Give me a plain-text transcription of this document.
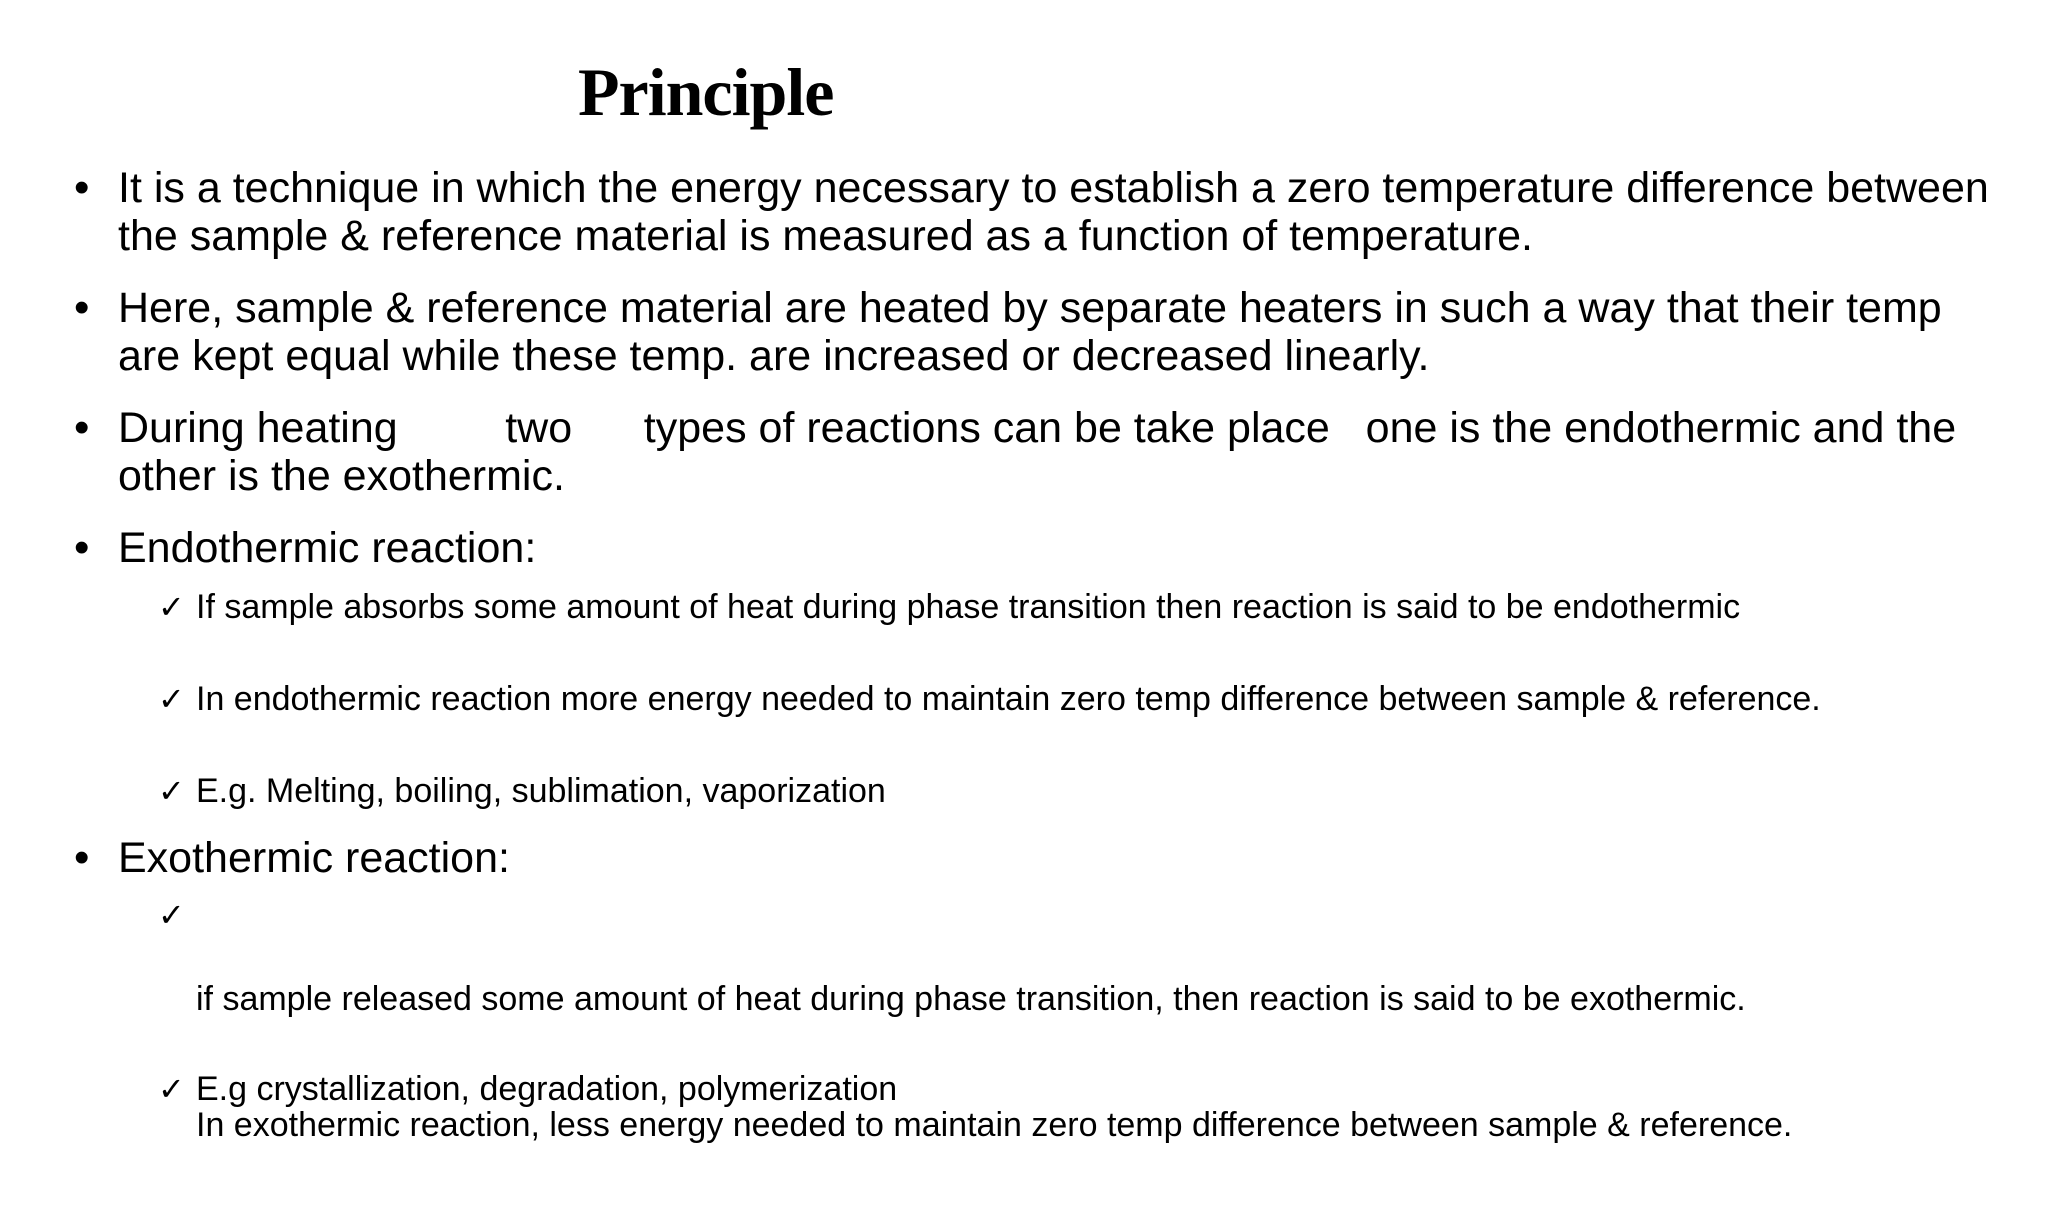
Principle
• It is a technique in which the energy necessary to establish a zero temperature difference between the sample & reference material is measured as a function of temperature.
• Here, sample & reference material are heated by separate heaters in such a way that their temp are kept equal while these temp. are increased or decreased linearly.
• During heating         two      types of reactions can be take place   one is the endothermic and the other is the exothermic.
• Endothermic reaction:
✓ If sample absorbs some amount of heat during phase transition then reaction is said to be endothermic
✓ In endothermic reaction more energy needed to maintain zero temp difference between sample & reference.
✓ E.g. Melting, boiling, sublimation, vaporization
• Exothermic reaction:
✓

if sample released some amount of heat during phase transition, then reaction is said to be exothermic.

In exothermic reaction, less energy needed to maintain zero temp difference between sample & reference.

✓ E.g crystallization, degradation, polymerization
